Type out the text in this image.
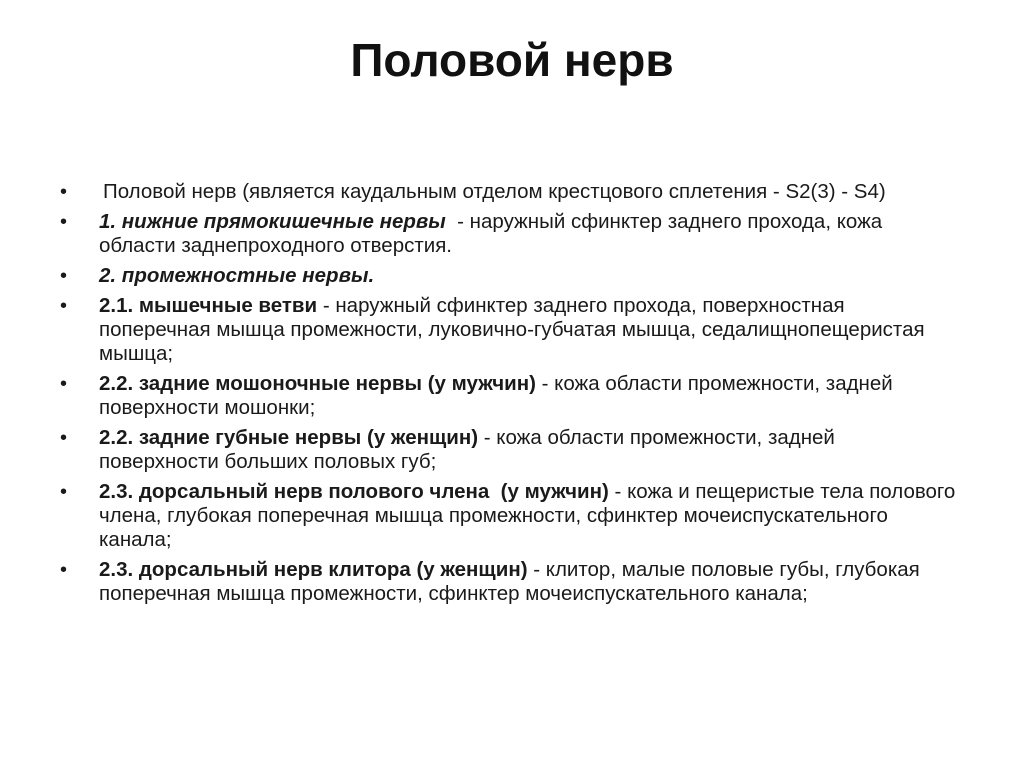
Половой нерв
•	Половой нерв (является каудальным отделом крестцового сплетения - S2(3) - S4)
•	1. нижние прямокишечные нервы  - наружный сфинктер заднего прохода, кожа области заднепроходного отверстия.
•	2. промежностные нервы.
•	2.1. мышечные ветви - наружный сфинктер заднего прохода, поверхностная поперечная мышца промежности, луковично-губчатая мышца, седалищнопещеристая мышца;
•	2.2. задние мошоночные нервы (у мужчин) - кожа области промежности, задней поверхности мошонки;
•	2.2. задние губные нервы (у женщин) - кожа области промежности, задней поверхности больших половых губ;
•	2.3. дорсальный нерв полового члена  (у мужчин) - кожа и пещеристые тела полового члена, глубокая поперечная мышца промежности, сфинктер мочеиспускательного канала;
•	2.3. дорсальный нерв клитора (у женщин) - клитор, малые половые губы, глубокая поперечная мышца промежности, сфинктер мочеиспускательного канала;
